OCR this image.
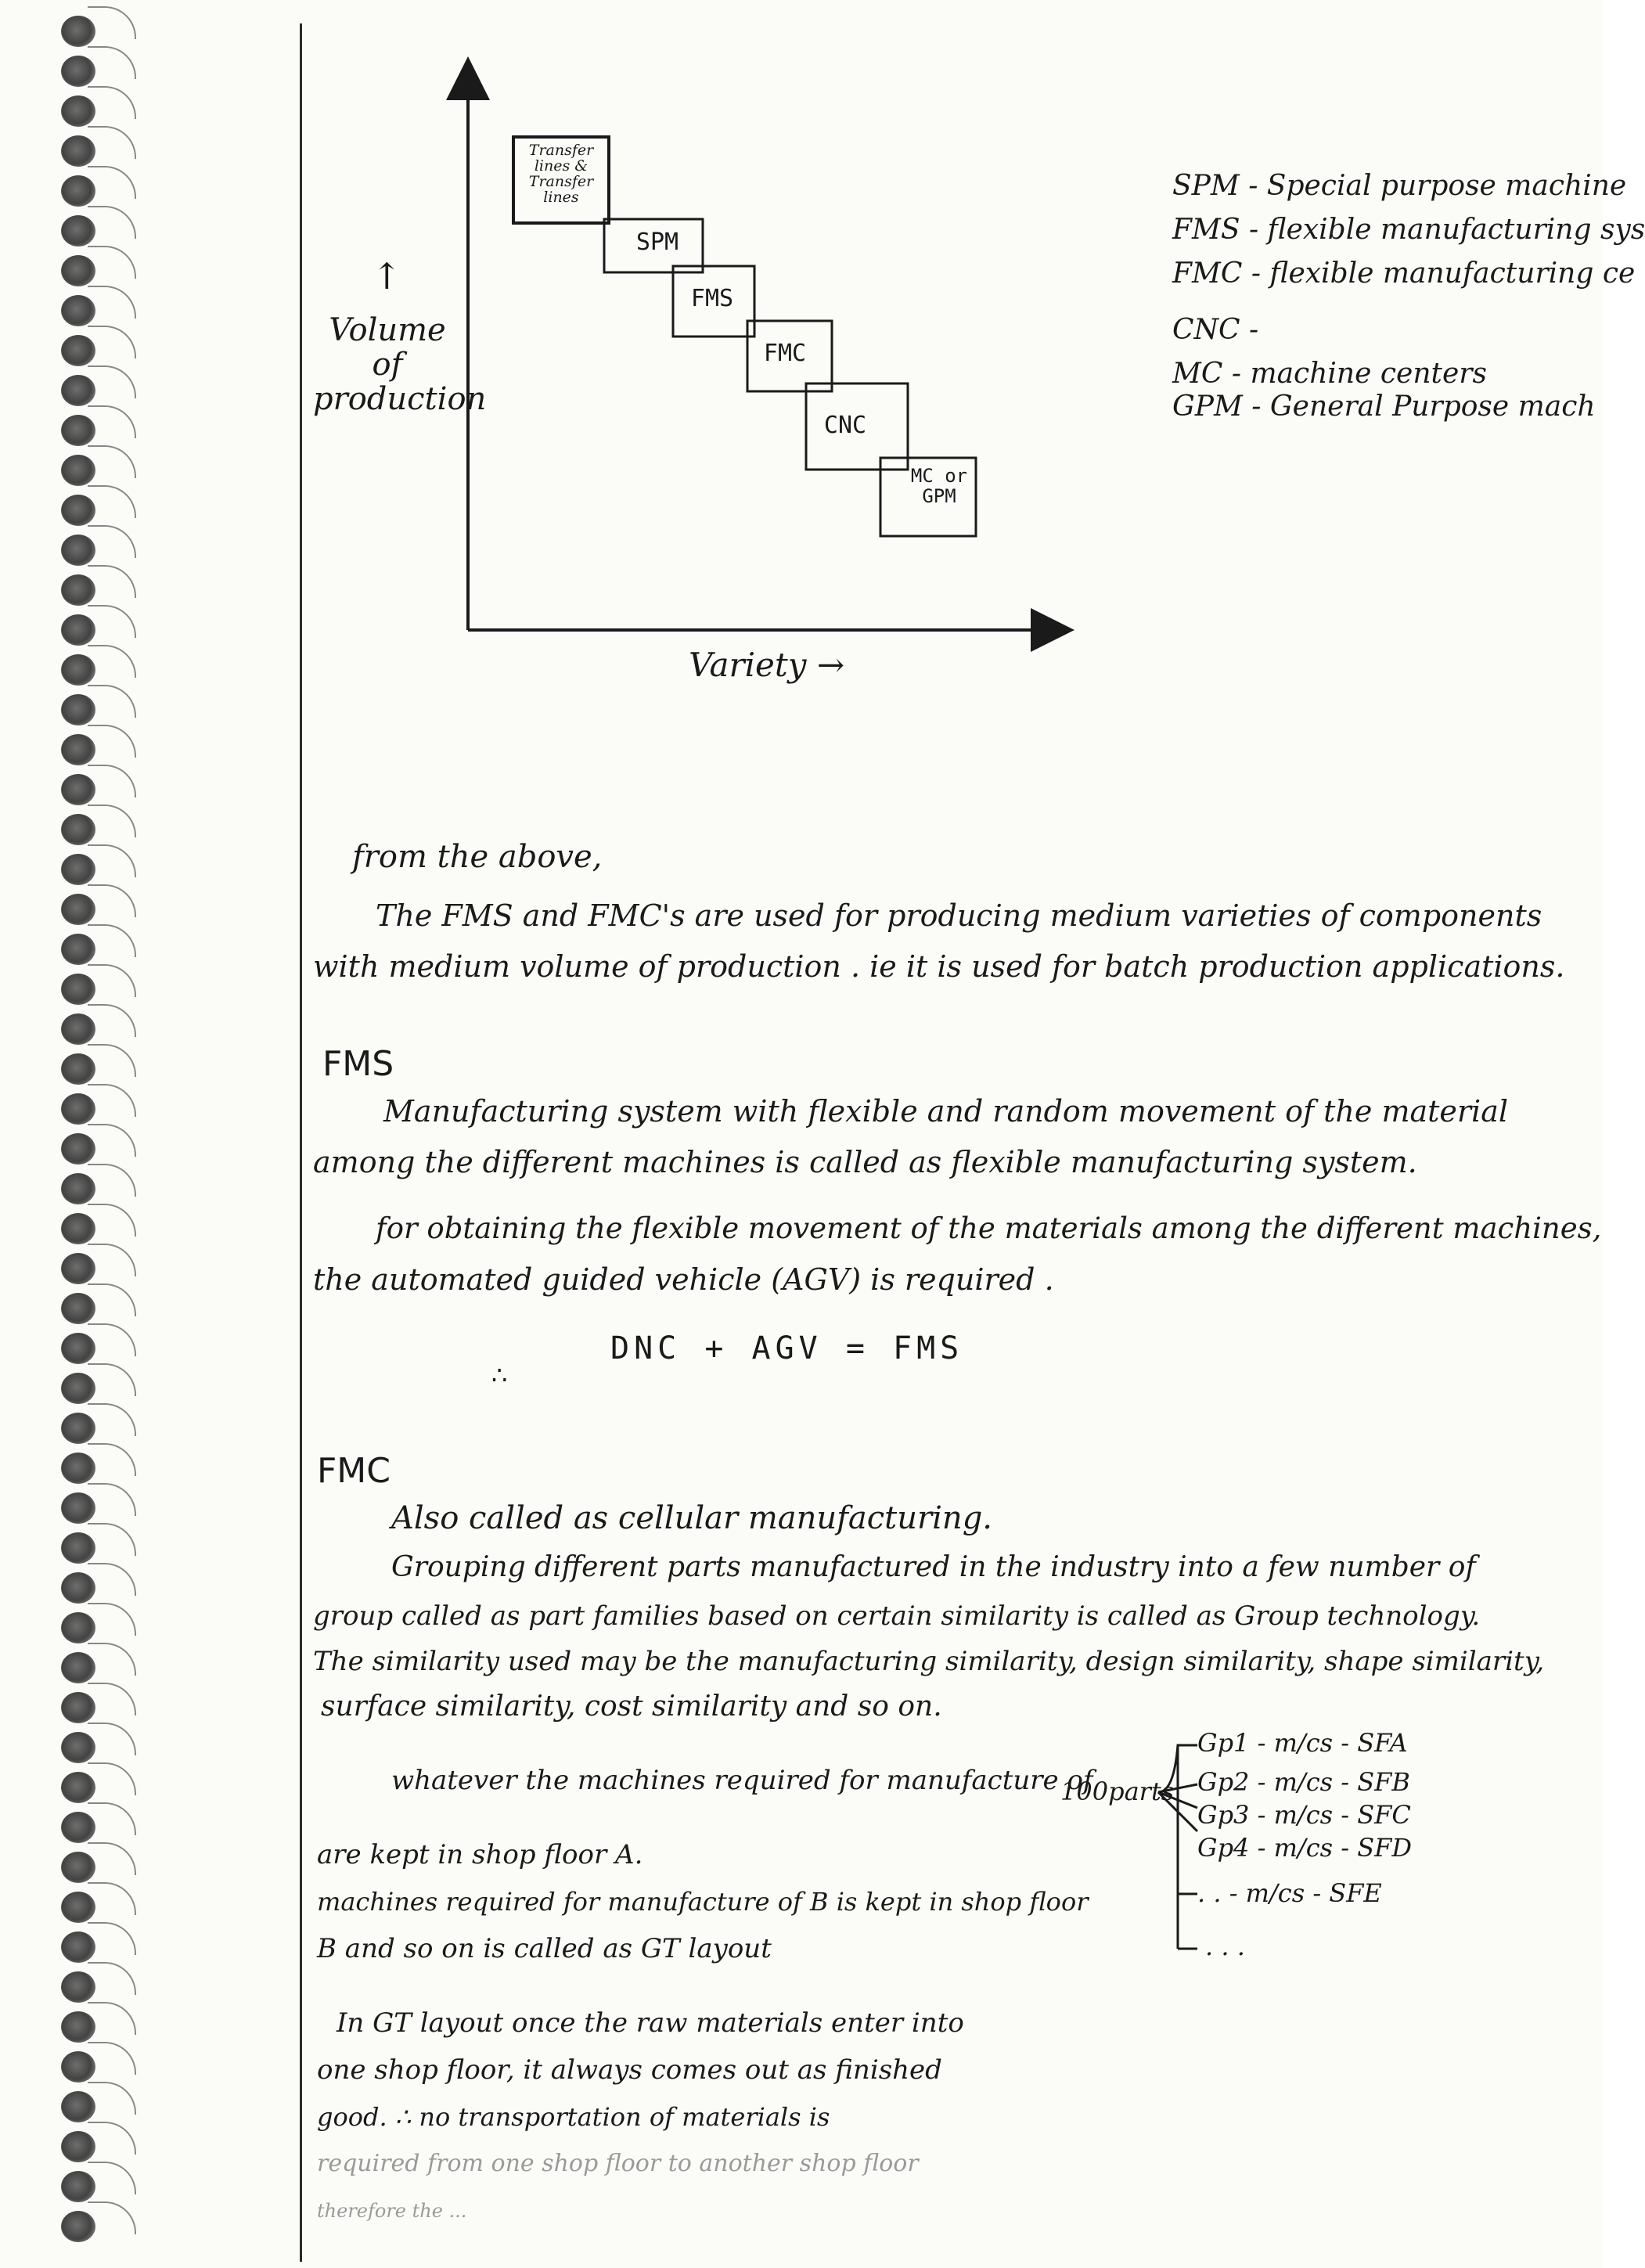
↑
Volume of production
Variety →
Transfer lines & Transfer lines
SPM
FMS
FMC
CNC
MC or GPM
SPM - Special purpose machine
FMS - flexible manufacturing sys
FMC - flexible manufacturing ce
CNC -
MC - machine centers
GPM - General Purpose mach
from the above,
The FMS and FMC's are used for producing medium varieties of components
with medium volume of production . ie it is used for batch production applications.
FMS
Manufacturing system with flexible and random movement of the material
among the different machines is called as flexible manufacturing system.
for obtaining the flexible movement of the materials among the different machines,
the automated guided vehicle (AGV) is required .
∴
DNC + AGV = FMS
FMC
Also called as cellular manufacturing.
Grouping different parts manufactured in the industry into a few number of
group called as part families based on certain similarity is called as Group technology.
The similarity used may be the manufacturing similarity, design similarity, shape similarity,
surface similarity, cost similarity and so on.
whatever the machines required for manufacture of
are kept in shop floor A.
machines required for manufacture of B is kept in shop floor
B and so on is called as GT layout
In GT layout once the raw materials enter into
one shop floor, it always comes out as finished
good. ∴ no transportation of materials is
required from one shop floor to another shop floor
therefore the ...
100parts
Gp1 - m/cs - SFA
Gp2 - m/cs - SFB
Gp3 - m/cs - SFC
Gp4 - m/cs - SFD
. . - m/cs - SFE
. . .
